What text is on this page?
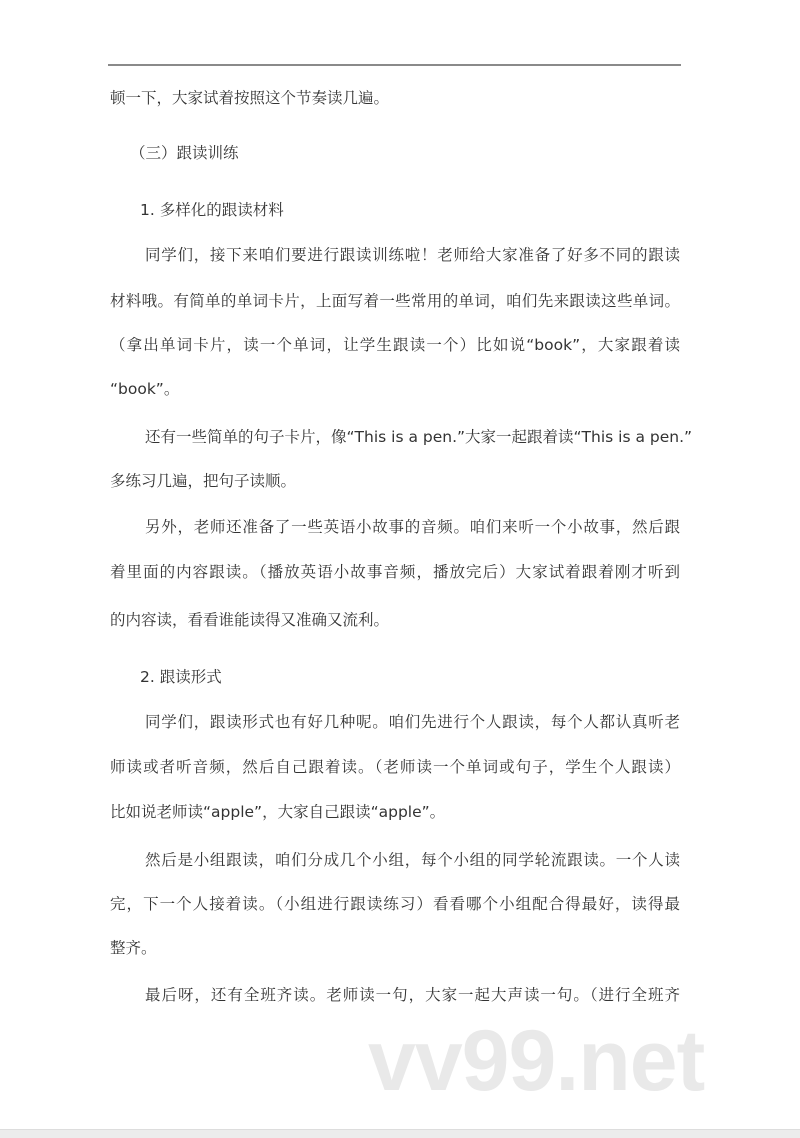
顿一下，大家试着按照这个节奏读几遍。
（三）跟读训练
1. 多样化的跟读材料
同学们，接下来咱们要进行跟读训练啦！老师给大家准备了好多不同的跟读
材料哦。有简单的单词卡片，上面写着一些常用的单词，咱们先来跟读这些单词。
（拿出单词卡片，读一个单词，让学生跟读一个）比如说“book”，大家跟着读
“book”。
还有一些简单的句子卡片，像“This is a pen.”大家一起跟着读“This is a pen.”
多练习几遍，把句子读顺。
另外，老师还准备了一些英语小故事的音频。咱们来听一个小故事，然后跟
着里面的内容跟读。（播放英语小故事音频，播放完后）大家试着跟着刚才听到
的内容读，看看谁能读得又准确又流利。
2. 跟读形式
同学们，跟读形式也有好几种呢。咱们先进行个人跟读，每个人都认真听老
师读或者听音频，然后自己跟着读。（老师读一个单词或句子，学生个人跟读）
比如说老师读“apple”，大家自己跟读“apple”。
然后是小组跟读，咱们分成几个小组，每个小组的同学轮流跟读。一个人读
完，下一个人接着读。（小组进行跟读练习）看看哪个小组配合得最好，读得最
整齐。
最后呀，还有全班齐读。老师读一句，大家一起大声读一句。（进行全班齐
vv99.net
